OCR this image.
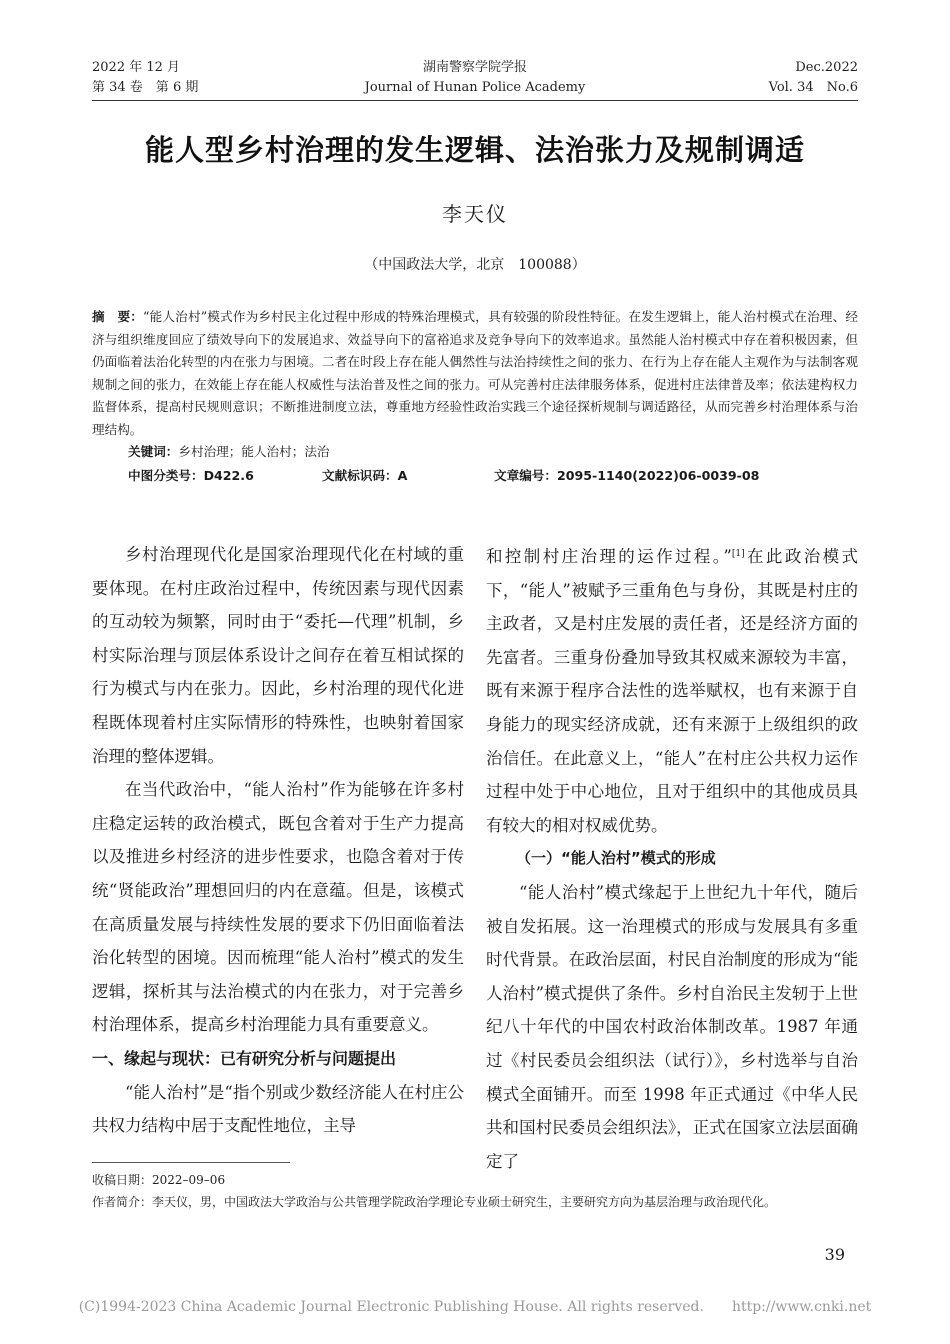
2022 年 12 月
第 34 卷　第 6 期
湖南警察学院学报
Journal of Hunan Police Academy
Dec.2022
Vol. 34　No.6
能人型乡村治理的发生逻辑、法治张力及规制调适
李天仪
（中国政法大学，北京　100088）
摘　要：“能人治村”模式作为乡村民主化过程中形成的特殊治理模式，具有较强的阶段性特征。在发生逻辑上，能人治村模式在治理、经济与组织维度回应了绩效导向下的发展追求、效益导向下的富裕追求及竞争导向下的效率追求。虽然能人治村模式中存在着积极因素，但仍面临着法治化转型的内在张力与困境。二者在时段上存在能人偶然性与法治持续性之间的张力、在行为上存在能人主观作为与法制客观规制之间的张力，在效能上存在能人权威性与法治普及性之间的张力。可从完善村庄法律服务体系，促进村庄法律普及率；依法建构权力监督体系，提高村民规则意识；不断推进制度立法，尊重地方经验性政治实践三个途径探析规制与调适路径，从而完善乡村治理体系与治理结构。
关键词：乡村治理；能人治村；法治
中图分类号：D422.6	文献标识码：A	文章编号：2095-1140(2022)06-0039-08

乡村治理现代化是国家治理现代化在村域的重要体现。在村庄政治过程中，传统因素与现代因素的互动较为频繁，同时由于“委托—代理”机制，乡村实际治理与顶层体系设计之间存在着互相试探的行为模式与内在张力。因此，乡村治理的现代化进程既体现着村庄实际情形的特殊性，也映射着国家治理的整体逻辑。

在当代政治中，“能人治村”作为能够在许多村庄稳定运转的政治模式，既包含着对于生产力提高以及推进乡村经济的进步性要求，也隐含着对于传统“贤能政治”理想回归的内在意蕴。但是，该模式在高质量发展与持续性发展的要求下仍旧面临着法治化转型的困境。因而梳理“能人治村”模式的发生逻辑，探析其与法治模式的内在张力，对于完善乡村治理体系，提高乡村治理能力具有重要意义。

一、缘起与现状：已有研究分析与问题提出

“能人治村”是“指个别或少数经济能人在村庄公共权力结构中居于支配性地位，主导

和控制村庄治理的运作过程。”[1]在此政治模式下，“能人”被赋予三重角色与身份，其既是村庄的主政者，又是村庄发展的责任者，还是经济方面的先富者。三重身份叠加导致其权威来源较为丰富，既有来源于程序合法性的选举赋权，也有来源于自身能力的现实经济成就，还有来源于上级组织的政治信任。在此意义上，“能人”在村庄公共权力运作过程中处于中心地位，且对于组织中的其他成员具有较大的相对权威优势。

（一）“能人治村”模式的形成

“能人治村”模式缘起于上世纪九十年代，随后被自发拓展。这一治理模式的形成与发展具有多重时代背景。在政治层面，村民自治制度的形成为“能人治村”模式提供了条件。乡村自治民主发轫于上世纪八十年代的中国农村政治体制改革。1987 年通过《村民委员会组织法（试行）》，乡村选举与自治模式全面铺开。而至 1998 年正式通过《中华人民共和国村民委员会组织法》，正式在国家立法层面确定了

收稿日期：2022–09–06
作者简介：李天仪，男，中国政法大学政治与公共管理学院政治学理论专业硕士研究生，主要研究方向为基层治理与政治现代化。
39
(C)1994-2023 China Academic Journal Electronic Publishing House. All rights reserved.　　http://www.cnki.net
